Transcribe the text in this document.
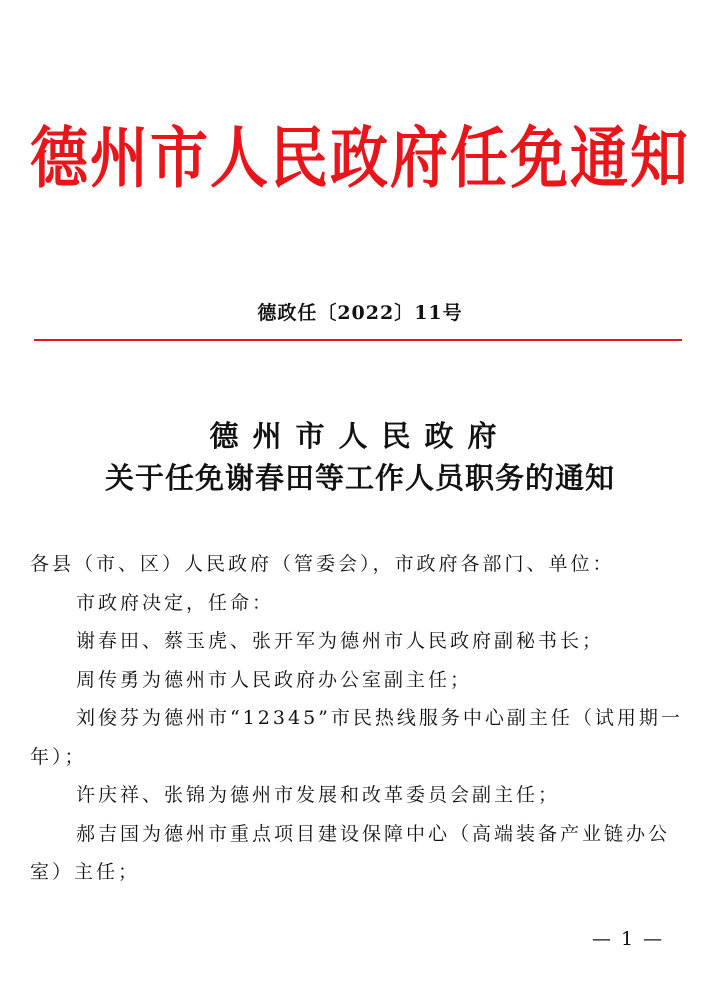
德州市人民政府任免通知
德政任〔2022〕11号
德州市人民政府
关于任免谢春田等工作人员职务的通知

各县（市、区）人民政府（管委会），市政府各部门、单位：

市政府决定，任命：

谢春田、蔡玉虎、张开军为德州市人民政府副秘书长；

周传勇为德州市人民政府办公室副主任；

刘俊芬为德州市“12345”市民热线服务中心副主任（试用期一年）；

许庆祥、张锦为德州市发展和改革委员会副主任；

郝吉国为德州市重点项目建设保障中心（高端装备产业链办公室）主任；

— 1 —
